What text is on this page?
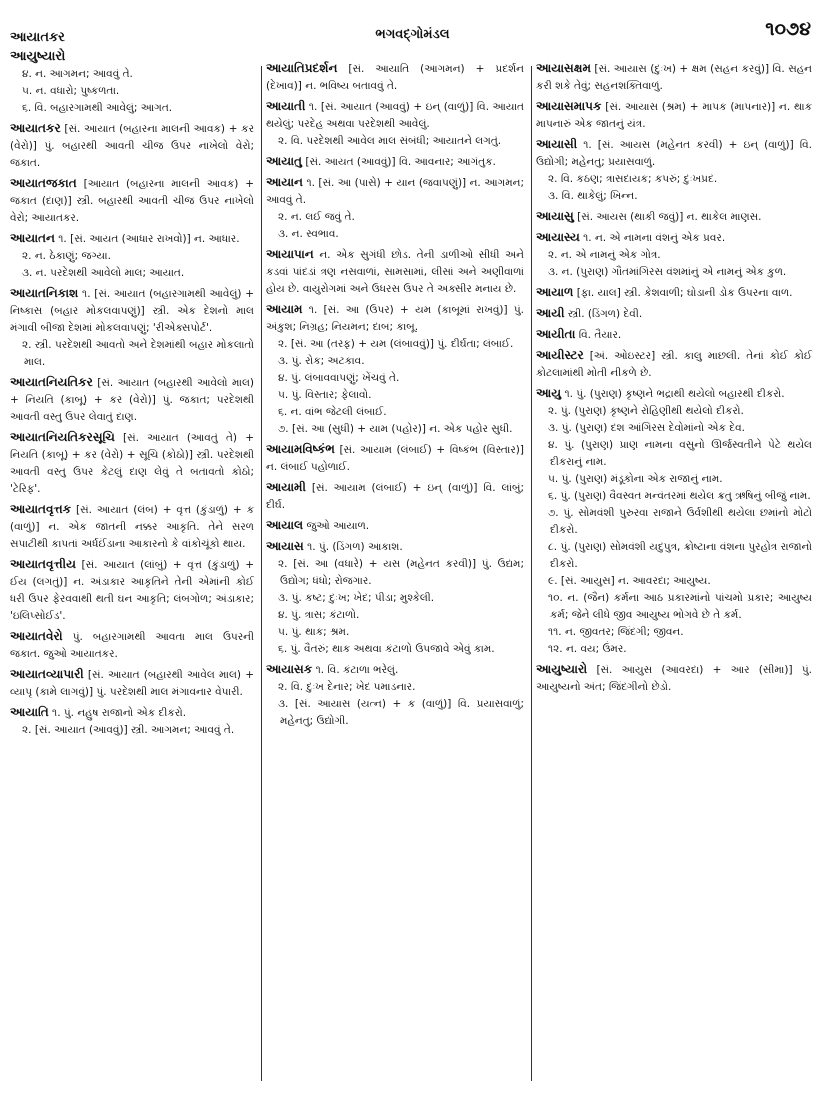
આયાતકર
આયુષ્યારો
ભગવદ્ગોમંડલ	૧૦૭૪
૪. ન. આગમન; આવવું તે.
૫. ન. વધારો; પુષ્કળતા.
૬. વિ. બહારગામથી આવેલું; આગત.
આયાતકર [સં. આયાત (બહારના માલની આવક) + કર (વેરો)] પું. બહારથી આવતી ચીજ ઉપર નાખેલો વેરો; જકાત.
આયાતજકાત [આયાત (બહારના માલની આવક) + જકાત (દાણ)] સ્ત્રી. બહારથી આવતી ચીજ ઉપર નાખેલો વેરો; આયાતકર.
આયાતન ૧. [સં. આયત (આધાર રાખવો)] ન. આધાર.
૨. ન. ઠેકાણું; જગ્યા.
૩. ન. પરદેશથી આવેલો માલ; આયાત.
આયાતનિકાશ ૧. [સં. આયાત (બહારગામથી આવેલું) + નિષ્કાસ (બહાર મોકલવાપણું)] સ્ત્રી. એક દેશનો માલ મંગાવી બીજા દેશમાં મોકલવાપણું; 'રીએક્સપોર્ટ'.
૨. સ્ત્રી. પરદેશથી આવતો અને દેશમાંથી બહાર મોકલાતો માલ.
આયાતનિયતિકર [સં. આયાત (બહારથી આવેલો માલ) + નિયતિ (કાબૂ) + કર (વેરો)] પું. જકાત; પરદેશથી આવતી વસ્તુ ઉપર લેવાતું દાણ.
આયાતનિયતિકરસૂચિ [સં. આયાત (આવતું તે) + નિયતિ (કાબૂ) + કર (વેરો) + સૂચિ (કોઠો)] સ્ત્રી. પરદેશથી આવતી વસ્તુ ઉપર કેટલું દાણ લેવું તે બતાવતો કોઠો; 'ટેરિફ'.
આયાતવૃત્તક [સં. આયાત (લંબ) + વૃત્ત (કુંડાળું) + ક (વાળું)] ન. એક જાતની નક્કર આકૃતિ. તેને સરળ સપાટીથી કાપતાં અર્ધઈંડાના આકારનો કે વાંકોચૂંકો થાય.
આયાતવૃત્તીય [સં. આયાત (લાંબું) + વૃત્ત (કુંડાળું) + ઈય (લગતું)] ન. અંડાકાર આકૃતિને તેની એમાંની કોઈ ધરી ઉપર ફેરવવાથી થતી ઘન આકૃતિ; લંબગોળ; અંડાકાર; 'ઇલિપ્સોઈડ'.
આયાતવેરો પું. બહારગામથી આવતા માલ ઉપરની જકાત. જુઓ આયાતકર.
આયાતવ્યાપારી [સં. આયાત (બહારથી આવેલ માલ) + વ્યાપૃ (કામે લાગવું)] પું. પરદેશથી માલ મંગાવનાર વેપારી.
આયાતિ ૧. પું. નહુષ રાજાનો એક દીકરો.
૨. [સં. આયાત (આવવું)] સ્ત્રી. આગમન; આવવું તે.
આયાતિપ્રદર્શન [સં. આયાતિ (આગમન) + પ્રદર્શન (દેખાવ)] ન. ભવિષ્ય બતાવવું તે.
આયાતી ૧. [સં. આયાત (આવવું) + ઇન્ (વાળું)] વિ. આયાત થયેલું; પરદેહ અથવા પરદેશથી આવેલું.
૨. વિ. પરદેશથી આવેલ માલ સંબંધી; આયાતને લગતું.
આયાતુ [સં. આયત (આવવું)] વિ. આવનાર; આગંતુક.
આયાન ૧. [સં. આ (પાસે) + યાન (જવાપણું)] ન. આગમન; આવવું તે.
૨. ન. લઈ જવું તે.
૩. ન. સ્વભાવ.
આયાપાન ન. એક સુગંધી છોડ. તેની ડાળીઓ સીધી અને કડવાં પાંદડાં ત્રણ નસવાળાં, સામસામાં, લીસાં અને અણીવાળાં હોય છે. વાયુરોગમાં અને ઉધરસ ઉપર તે અક્સીર મનાય છે.
આયામ ૧. [સં. આ (ઉપર) + યમ (કાબૂમાં રાખવું)] પું. અંકુશ; નિગ્રહ; નિયમન; દાબ; કાબૂ.
૨. [સં. આ (તરફ) + યમ (લંબાવવું)] પું. દીર્ઘતા; લંબાઈ.
૩. પું. રોક; અટકાવ.
૪. પું. લંબાવવાપણું; ખેંચવું તે.
૫. પું. વિસ્તાર; ફેલાવો.
૬. ન. વાંભ જેટલી લંબાઈ.
૭. [સં. આ (સુધી) + યામ (પહોર)] ન. એક પહોર સુધી.
આયામવિષ્કંભ [સં. આયામ (લંબાઈ) + વિષ્કંભ (વિસ્તાર)] ન. લંબાઈ પહોળાઈ.
આયામી [સં. આયામ (લંબાઈ) + ઇન્ (વાળું)] વિ. લાંબું; દીર્ઘ.
આયાલ જુઓ આયાળ.
આયાસ ૧. પું. (ડિંગળ) આકાશ.
૨. [સં. આ (વધારે) + યસ (મહેનત કરવી)] પું. ઉદ્યમ; ઉદ્યોગ; ધંધો; રોજગાર.
૩. પું. કષ્ટ; દુઃખ; ખેદ; પીડા; મુશ્કેલી.
૪. પું. ત્રાસ; કંટાળો.
૫. પું. થાક; શ્રમ.
૬. પું. વૈતરું; થાક અથવા કંટાળો ઉપજાવે એવું કામ.
આયાસક ૧. વિ. કંટાળા ભરેલું.
૨. વિ. દુઃખ દેનાર; ખેદ પમાડનાર.
૩. [સં. આયાસ (યત્ન) + ક (વાળું)] વિ. પ્રયાસવાળું; મહેનતુ; ઉદ્યોગી.
આયાસક્ષમ [સં. આયાસ (દુઃખ) + ક્ષમ (સહન કરવું)] વિ. સહન કરી શકે તેવું; સહનશક્તિવાળું.
આયાસમાપક [સં. આયાસ (શ્રમ) + માપક (માપનાર)] ન. થાક માપનારું એક જાતનું યંત્ર.
આયાસી ૧. [સં. આયસ (મહેનત કરવી) + ઇન્ (વાળું)] વિ. ઉદ્યોગી; મહેનતુ; પ્રયાસવાળું.
૨. વિ. કઠણ; ત્રાસદાયક; કપરું; દુઃખપ્રદ.
૩. વિ. થાકેલું; ખિન્ન.
આયાસુ [સં. આયસ (થાકી જવું)] ન. થાકેલ માણસ.
આયાસ્ય ૧. ન. એ નામના વંશનું એક પ્રવર.
૨. ન. એ નામનું એક ગોત્ર.
૩. ન. (પુરાણ) ગૌતમાંગિરસ વંશમાંનું એ નામનું એક કુળ.
આયાળ [ફા. યાલ] સ્ત્રી. કેશવાળી; ઘોડાની ડોક ઉપરના વાળ.
આયી સ્ત્રી. (ડિંગળ) દેવી.
આયીતા વિ. તૈયાર.
આયીસ્ટર [અં. ઓઇસ્ટર] સ્ત્રી. કાલુ માછલી. તેનાં કોઈ કોઈ કોટલામાંથી મોતી નીકળે છે.
આયુ ૧. પું. (પુરાણ) કૃષ્ણને ભદ્રાથી થયેલો બહારથી દીકરો.
૨. પું. (પુરાણ) કૃષ્ણને રોહિણીથી થયેલો દીકરો.
૩. પું. (પુરાણ) દશ આંગિરસ દેવોમાંનો એક દેવ.
૪. પું. (પુરાણ) પ્રાણ નામના વસુનો ઊર્જસ્વતીને પેટે થયેલ દીકરાનું નામ.
૫. પું. (પુરાણ) મંડૂકોના એક રાજાનું નામ.
૬. પું. (પુરાણ) વૈવસ્વત મન્વંતરમાં થયેલ ક્રતુ ઋષિનું બીજું નામ.
૭. પું. સોમવંશી પુરુરવા રાજાને ઉર્વશીથી થયેલા છમાંનો મોટો દીકરો.
૮. પું. (પુરાણ) સોમવંશી યદુપુત્ર, ક્રોષ્ટાના વંશના પુરહોત્ર રાજાનો દીકરો.
૯. [સં. આયુસ] ન. આવરદા; આયુષ્ય.
૧૦. ન. (જૈન) કર્મના આઠ પ્રકારમાંનો પાંચમો પ્રકાર; આયુષ્ય કર્મ; જેને લીધે જીવ આયુષ્ય ભોગવે છે તે કર્મ.
૧૧. ન. જીવતર; જિંદગી; જીવન.
૧૨. ન. વય; ઉંમર.
આયુષ્યારો [સં. આયુસ (આવરદા) + આર (સીમા)] પું. આયુષ્યનો અંત; જિંદગીનો છેડો.
